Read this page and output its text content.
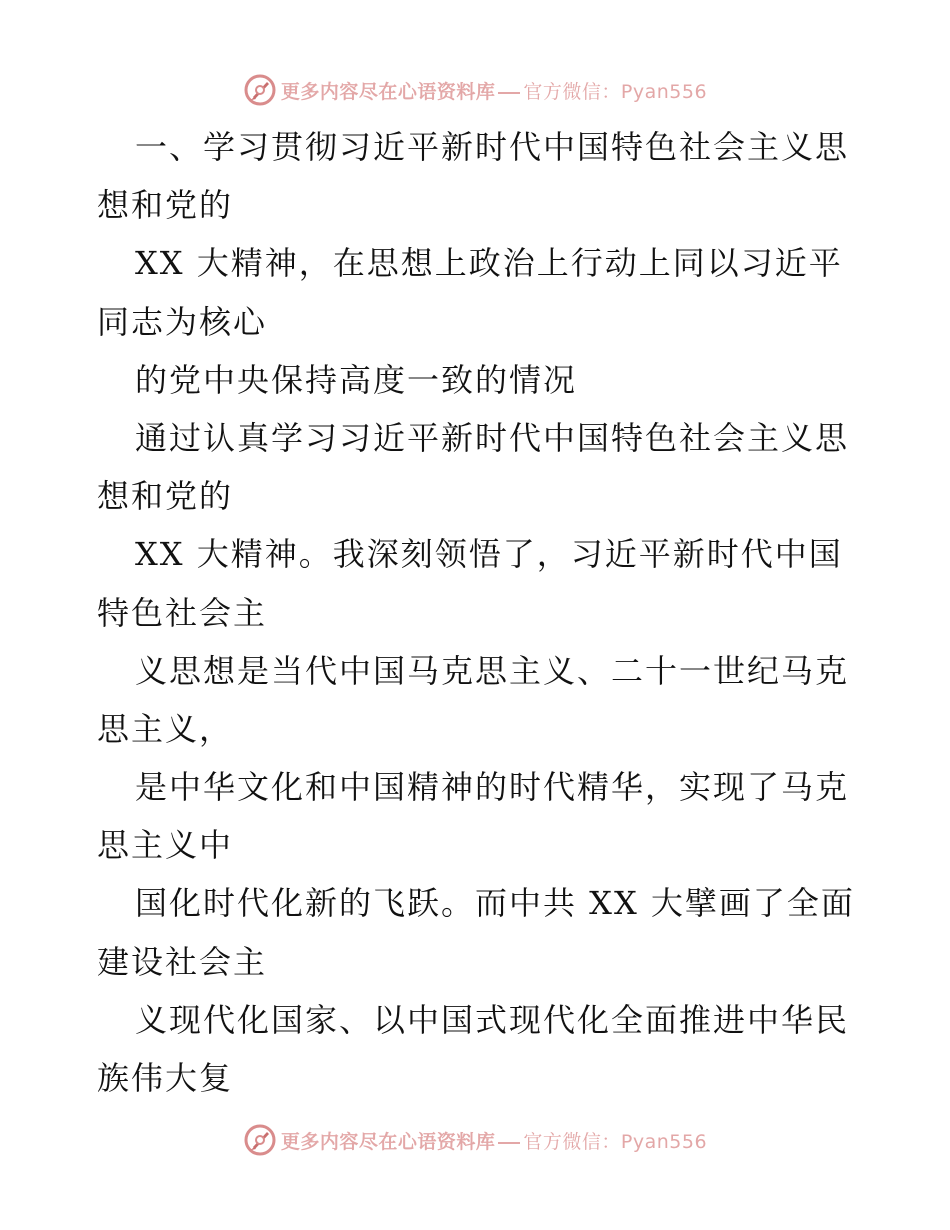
更多内容尽在心语资料库 官方微信：Pyan556
一、学习贯彻习近平新时代中国特色社会主义思
想和党的
XX 大精神，在思想上政治上行动上同以习近平
同志为核心
的党中央保持高度一致的情况
通过认真学习习近平新时代中国特色社会主义思
想和党的
XX 大精神。我深刻领悟了，习近平新时代中国
特色社会主
义思想是当代中国马克思主义、二十一世纪马克
思主义，
是中华文化和中国精神的时代精华，实现了马克
思主义中
国化时代化新的飞跃。而中共 XX 大擘画了全面
建设社会主
义现代化国家、以中国式现代化全面推进中华民
族伟大复
更多内容尽在心语资料库 官方微信：Pyan556
